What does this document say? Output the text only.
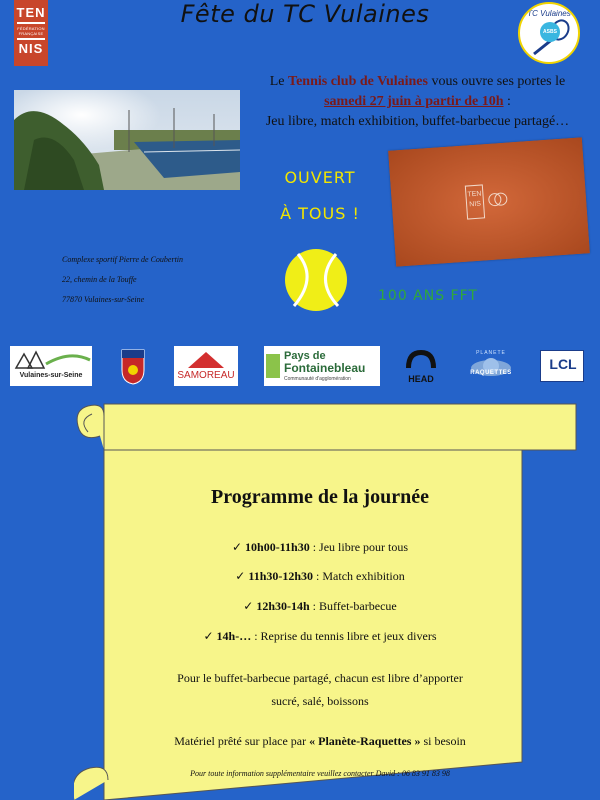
TEN
FÉDÉRATION FRANÇAISE
NIS
Fête du TC Vulaines	TC Vulaines
ASBS
Le Tennis club de Vulaines vous ouvre ses portes le
samedi 27 juin à partir de 10h :
Jeu libre, match exhibition, buffet-barbecue partagé…
OUVERT
À TOUS !
TEN
NIS
Complexe sportif Pierre de Coubertin
22, chemin de la Touffe
77870 Vulaines-sur-Seine	100 ANS FFT
Vulaines-sur-Seine	SAMOREAU
Pays de
Fontainebleau
Communauté d'agglomération	HEAD
PLANETE
RAQUETTES
LCL
Programme de la journée
✓ 10h00-11h30 : Jeu libre pour tous
✓ 11h30-12h30 : Match exhibition
✓ 12h30-14h : Buffet-barbecue
✓ 14h-… : Reprise du tennis libre et jeux divers
Pour le buffet-barbecue partagé, chacun est libre d’apporter
sucré, salé, boissons
Matériel prêté sur place par « Planète-Raquettes » si besoin
Pour toute information supplémentaire veuillez contacter David : 06 83 91 83 98
